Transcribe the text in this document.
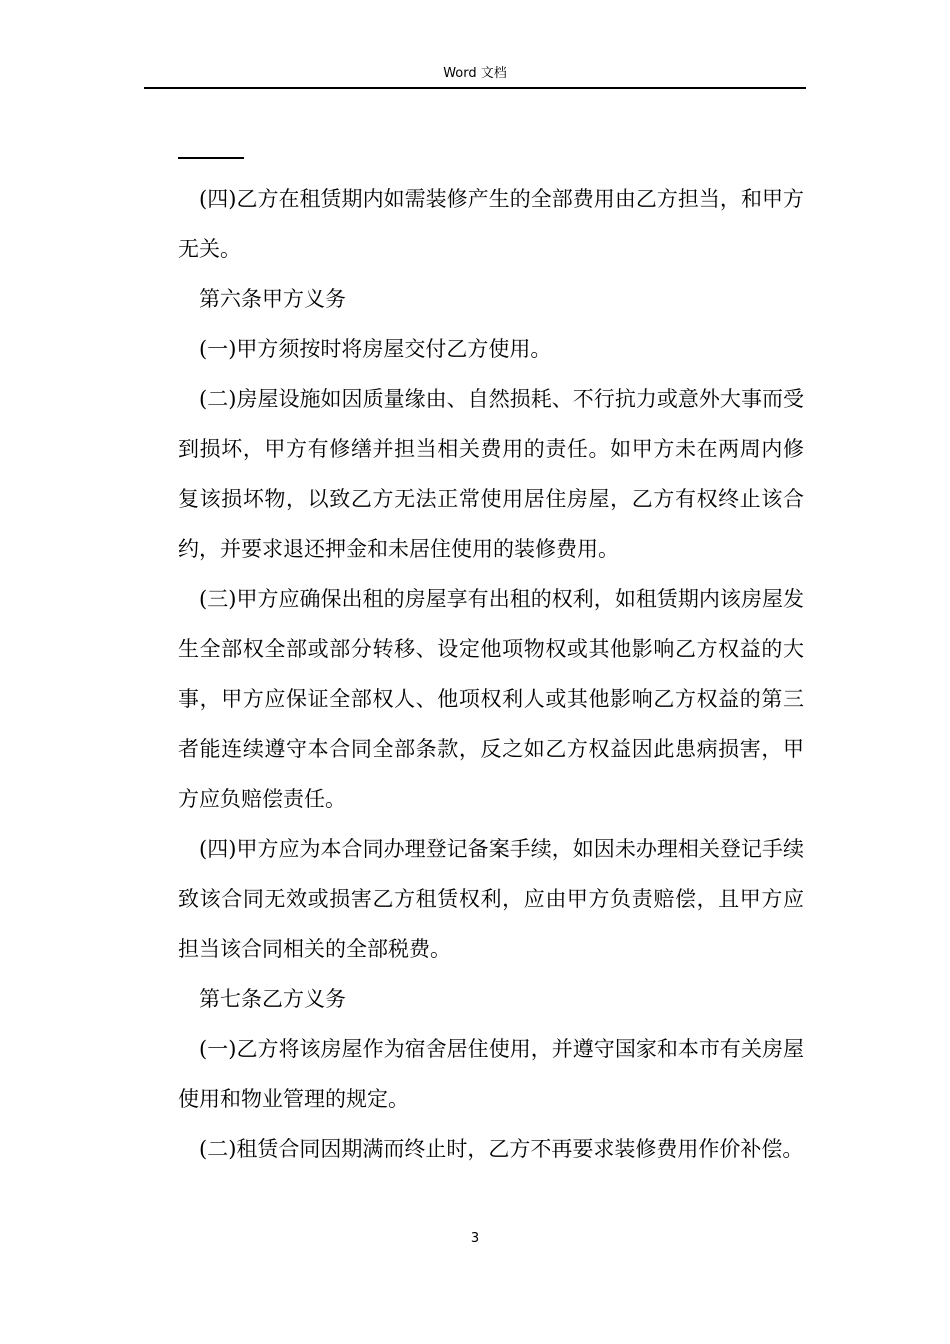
Word 文档

(四)乙方在租赁期内如需装修产生的全部费用由乙方担当，和甲方无关。

第六条甲方义务

(一)甲方须按时将房屋交付乙方使用。

(二)房屋设施如因质量缘由、自然损耗、不行抗力或意外大事而受到损坏，甲方有修缮并担当相关费用的责任。如甲方未在两周内修复该损坏物，以致乙方无法正常使用居住房屋，乙方有权终止该合约，并要求退还押金和未居住使用的装修费用。

(三)甲方应确保出租的房屋享有出租的权利，如租赁期内该房屋发生全部权全部或部分转移、设定他项物权或其他影响乙方权益的大事，甲方应保证全部权人、他项权利人或其他影响乙方权益的第三者能连续遵守本合同全部条款，反之如乙方权益因此患病损害，甲方应负赔偿责任。

(四)甲方应为本合同办理登记备案手续，如因未办理相关登记手续致该合同无效或损害乙方租赁权利，应由甲方负责赔偿，且甲方应担当该合同相关的全部税费。

第七条乙方义务

(一)乙方将该房屋作为宿舍居住使用，并遵守国家和本市有关房屋使用和物业管理的规定。

(二)租赁合同因期满而终止时，乙方不再要求装修费用作价补偿。

3
